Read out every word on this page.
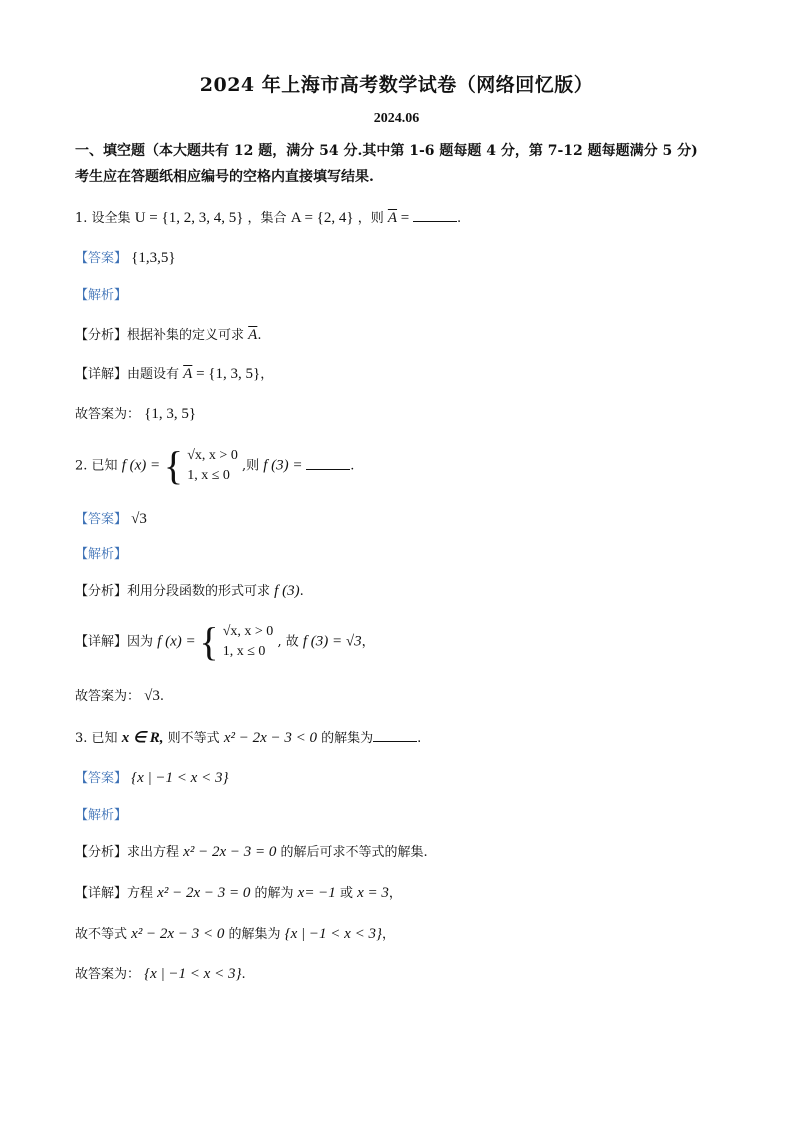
2024 年上海市高考数学试卷（网络回忆版）
2024.06
一、填空题（本大题共有 12 题，满分 54 分.其中第 1-6 题每题 4 分，第 7-12 题每题满分 5 分)
考生应在答题纸相应编号的空格内直接填写结果.
1. 设全集 U = {1, 2, 3, 4, 5} ，集合 A = {2, 4} ，则 $\overline{A}$ =	.
【答案】 {1,3,5}
【解析】
【分析】根据补集的定义可求 $\overline{A}$.
【详解】由题设有 $\overline{A} = \{1$, 3, 5}，
故答案为： {1, 3, 5}
2. 已知 f (x) = { √x, x > 0
1, x ≤ 0
,则 f (3) =	.
【答案】 √3
【解析】
【分析】利用分段函数的形式可求 f (3).
【详解】因为 f (x) = { √x, x > 0
1, x ≤ 0
, 故 f (3) = √3，
故答案为： √3.
3. 已知 x ∈ R, 则不等式 x² − 2x − 3 < 0 的解集为	.
【答案】 {x | −1 < x < 3}
【解析】
【分析】求出方程 x² − 2x − 3 = 0 的解后可求不等式的解集.
【详解】方程 x² − 2x − 3 = 0 的解为 x= −1 或 x = 3，
故不等式 x² − 2x − 3 < 0 的解集为 {x | −1 < x < 3}，
故答案为： {x | −1 < x < 3}.
